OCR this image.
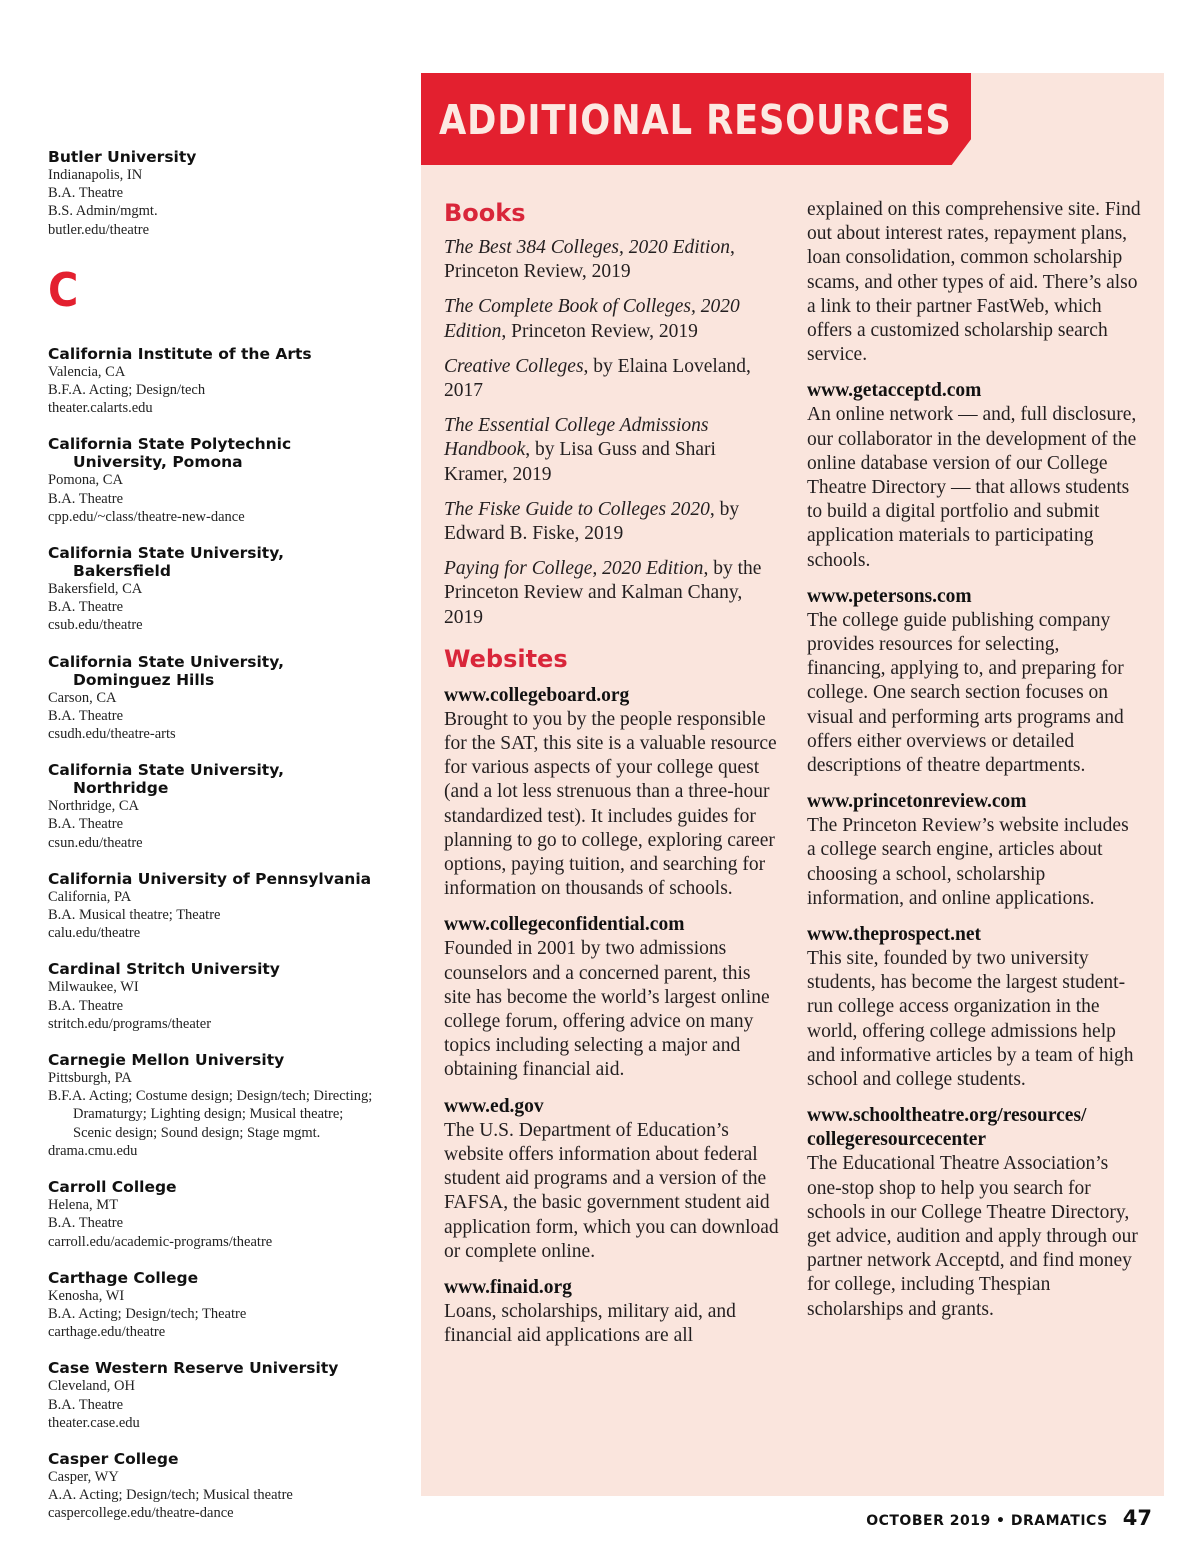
Butler University
Indianapolis, IN
B.A. Theatre
B.S. Admin/mgmt.
butler.edu/theatre
C
California Institute of the Arts
Valencia, CA
B.F.A. Acting; Design/tech
theater.calarts.edu
California State Polytechnic University, Pomona
Pomona, CA
B.A. Theatre
cpp.edu/~class/theatre-new-dance
California State University, Bakersfield
Bakersfield, CA
B.A. Theatre
csub.edu/theatre
California State University, Dominguez Hills
Carson, CA
B.A. Theatre
csudh.edu/theatre-arts
California State University, Northridge
Northridge, CA
B.A. Theatre
csun.edu/theatre
California University of Pennsylvania
California, PA
B.A. Musical theatre; Theatre
calu.edu/theatre
Cardinal Stritch University
Milwaukee, WI
B.A. Theatre
stritch.edu/programs/theater
Carnegie Mellon University
Pittsburgh, PA
B.F.A. Acting; Costume design; Design/tech; Directing; Dramaturgy; Lighting design; Musical theatre; Scenic design; Sound design; Stage mgmt.
drama.cmu.edu
Carroll College
Helena, MT
B.A. Theatre
carroll.edu/academic-programs/theatre
Carthage College
Kenosha, WI
B.A. Acting; Design/tech; Theatre
carthage.edu/theatre
Case Western Reserve University
Cleveland, OH
B.A. Theatre
theater.case.edu
Casper College
Casper, WY
A.A. Acting; Design/tech; Musical theatre
caspercollege.edu/theatre-dance
ADDITIONAL RESOURCES
Books
The Best 384 Colleges, 2020 Edition, Princeton Review, 2019
The Complete Book of Colleges, 2020 Edition, Princeton Review, 2019
Creative Colleges, by Elaina Loveland, 2017
The Essential College Admissions Handbook, by Lisa Guss and Shari Kramer, 2019
The Fiske Guide to Colleges 2020, by Edward B. Fiske, 2019
Paying for College, 2020 Edition, by the Princeton Review and Kalman Chany, 2019
Websites
www.collegeboard.org
Brought to you by the people responsible for the SAT, this site is a valuable resource for various aspects of your college quest (and a lot less strenuous than a three-hour standardized test). It includes guides for planning to go to college, exploring career options, paying tuition, and searching for information on thousands of schools.
www.collegeconfidential.com
Founded in 2001 by two admissions counselors and a concerned parent, this site has become the world’s largest online college forum, offering advice on many topics including selecting a major and obtaining financial aid.
www.ed.gov
The U.S. Department of Education’s website offers information about federal student aid programs and a version of the FAFSA, the basic government student aid application form, which you can download or complete online.
www.finaid.org
Loans, scholarships, military aid, and financial aid applications are all
explained on this comprehensive site. Find out about interest rates, repayment plans, loan consolidation, common scholarship scams, and other types of aid. There’s also a link to their partner FastWeb, which offers a customized scholarship search service.
www.getacceptd.com
An online network — and, full disclosure, our collaborator in the development of the online database version of our College Theatre Directory — that allows students to build a digital portfolio and submit application materials to participating schools.
www.petersons.com
The college guide publishing company provides resources for selecting, financing, applying to, and preparing for college. One search section focuses on visual and performing arts programs and offers either overviews or detailed descriptions of theatre departments.
www.princetonreview.com
The Princeton Review’s website includes a college search engine, articles about choosing a school, scholarship information, and online applications.
www.theprospect.net
This site, founded by two university students, has become the largest student-run college access organization in the world, offering college admissions help and informative articles by a team of high school and college students.
www.schooltheatre.org/resources/ collegeresourcecenter
The Educational Theatre Association’s one-stop shop to help you search for schools in our College Theatre Directory, get advice, audition and apply through our partner network Acceptd, and find money for college, including Thespian scholarships and grants.
OCTOBER 2019 • DRAMATICS 47
